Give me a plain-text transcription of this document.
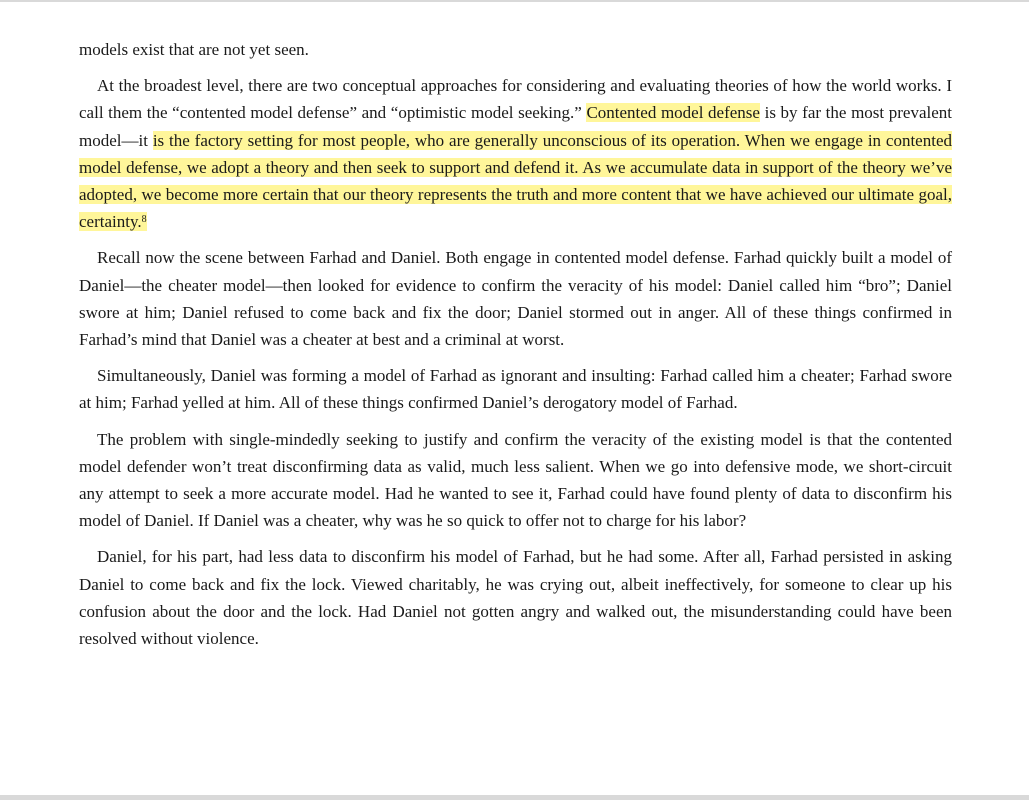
models exist that are not yet seen.

At the broadest level, there are two conceptual approaches for considering and evaluating theories of how the world works. I call them the “contented model defense” and “optimistic model seeking.” Contented model defense is by far the most prevalent model—it is the factory setting for most people, who are generally unconscious of its operation. When we engage in contented model defense, we adopt a theory and then seek to support and defend it. As we accumulate data in support of the theory we’ve adopted, we become more certain that our theory represents the truth and more content that we have achieved our ultimate goal, certainty.$^8$

Recall now the scene between Farhad and Daniel. Both engage in contented model defense. Farhad quickly built a model of Daniel—the cheater model—then looked for evidence to confirm the veracity of his model: Daniel called him “bro”; Daniel swore at him; Daniel refused to come back and fix the door; Daniel stormed out in anger. All of these things confirmed in Farhad’s mind that Daniel was a cheater at best and a criminal at worst.

Simultaneously, Daniel was forming a model of Farhad as ignorant and insulting: Farhad called him a cheater; Farhad swore at him; Farhad yelled at him. All of these things confirmed Daniel’s derogatory model of Farhad.

The problem with single-mindedly seeking to justify and confirm the veracity of the existing model is that the contented model defender won’t treat disconfirming data as valid, much less salient. When we go into defensive mode, we short-circuit any attempt to seek a more accurate model. Had he wanted to see it, Farhad could have found plenty of data to disconfirm his model of Daniel. If Daniel was a cheater, why was he so quick to offer not to charge for his labor?

Daniel, for his part, had less data to disconfirm his model of Farhad, but he had some. After all, Farhad persisted in asking Daniel to come back and fix the lock. Viewed charitably, he was crying out, albeit ineffectively, for someone to clear up his confusion about the door and the lock. Had Daniel not gotten angry and walked out, the misunderstanding could have been resolved without violence.
